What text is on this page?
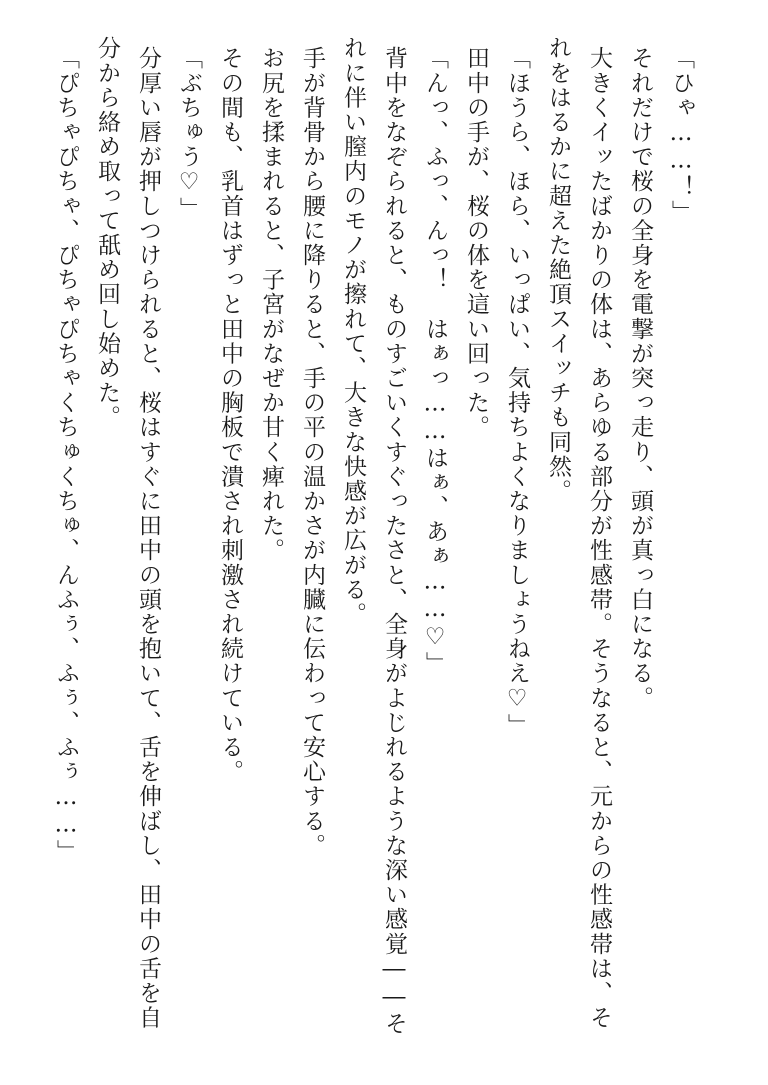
「ひゃ……！」
それだけで桜の全身を電撃が突っ走り、頭が真っ白になる。
大きくイッたばかりの体は、あらゆる部分が性感帯。そうなると、元からの性感帯は、そ
れをはるかに超えた絶頂スイッチも同然。
「ほうら、ほら、いっぱい、気持ちよくなりましょうねえ♡」
田中の手が、桜の体を這い回った。
「んっ、ふっ、んっ！　はぁっ……はぁ、あぁ……♡」
背中をなぞられると、ものすごいくすぐったさと、全身がよじれるような深い感覚――そ
れに伴い膣内のモノが擦れて、大きな快感が広がる。
手が背骨から腰に降りると、手の平の温かさが内臓に伝わって安心する。
お尻を揉まれると、子宮がなぜか甘く痺れた。
その間も、乳首はずっと田中の胸板で潰され刺激され続けている。
「ぶちゅう♡」
分厚い唇が押しつけられると、桜はすぐに田中の頭を抱いて、舌を伸ばし、田中の舌を自
分から絡め取って舐め回し始めた。
「ぴちゃぴちゃ、ぴちゃぴちゃくちゅくちゅ、んふぅ、ふぅ、ふぅ……」
